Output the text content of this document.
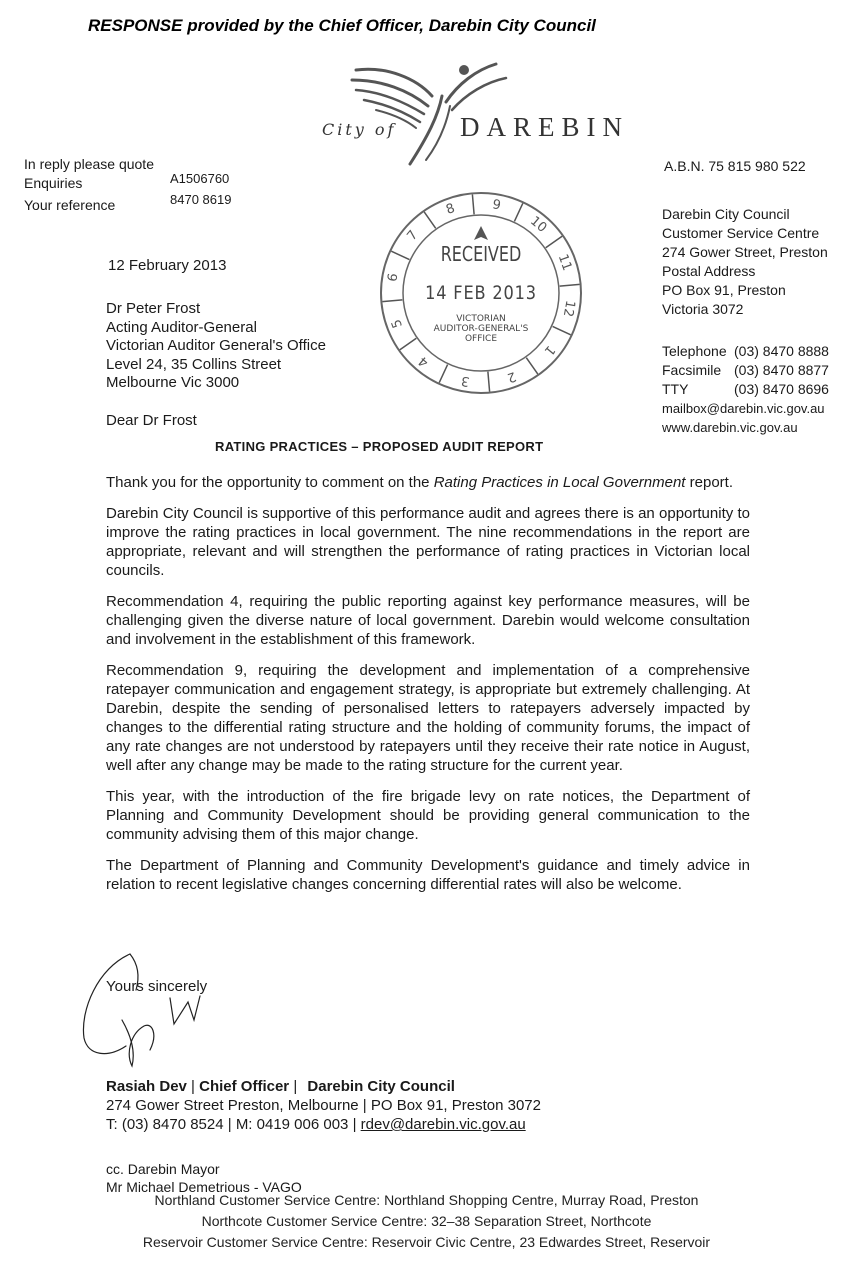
RESPONSE provided by the Chief Officer, Darebin City Council
City of DAREBIN
In reply please quote
Enquiries	A1506760
Your reference	8470 8619
A.B.N. 75 815 980 522
Darebin City Council
Customer Service Centre
274 Gower Street, Preston
Postal Address
PO Box 91, Preston
Victoria 3072
Telephone (03) 8470 8888
Facsimile (03) 8470 8877
TTY	(03) 8470 8696
mailbox@darebin.vic.gov.au
www.darebin.vic.gov.au
8	9
10
11
12
1
2
3
4
5
6
7
RECEIVED
14 FEB 2013
VICTORIAN
AUDITOR-GENERAL'S
OFFICE
12 February 2013
Dr Peter Frost
Acting Auditor-General
Victorian Auditor General's Office
Level 24, 35 Collins Street
Melbourne Vic 3000
Dear Dr Frost
RATING PRACTICES – PROPOSED AUDIT REPORT

Thank you for the opportunity to comment on the Rating Practices in Local Government report.

Darebin City Council is supportive of this performance audit and agrees there is an opportunity to improve the rating practices in local government. The nine recommendations in the report are appropriate, relevant and will strengthen the performance of rating practices in Victorian local councils.

Recommendation 4, requiring the public reporting against key performance measures, will be challenging given the diverse nature of local government. Darebin would welcome consultation and involvement in the establishment of this framework.

Recommendation 9, requiring the development and implementation of a comprehensive ratepayer communication and engagement strategy, is appropriate but extremely challenging. At Darebin, despite the sending of personalised letters to ratepayers adversely impacted by changes to the differential rating structure and the holding of community forums, the impact of any rate changes are not understood by ratepayers until they receive their rate notice in August, well after any change may be made to the rating structure for the current year.

This year, with the introduction of the fire brigade levy on rate notices, the Department of Planning and Community Development should be providing general communication to the community advising them of this major change.

The Department of Planning and Community Development's guidance and timely advice in relation to recent legislative changes concerning differential rates will also be welcome.

Yours sincerely
Rasiah Dev | Chief Officer | Darebin City Council
274 Gower Street Preston, Melbourne | PO Box 91, Preston 3072
T: (03) 8470 8524 | M: 0419 006 003 | rdev@darebin.vic.gov.au
cc. Darebin Mayor
Mr Michael Demetrious - VAGO
Northland Customer Service Centre: Northland Shopping Centre, Murray Road, Preston
Northcote Customer Service Centre: 32–38 Separation Street, Northcote
Reservoir Customer Service Centre: Reservoir Civic Centre, 23 Edwardes Street, Reservoir
